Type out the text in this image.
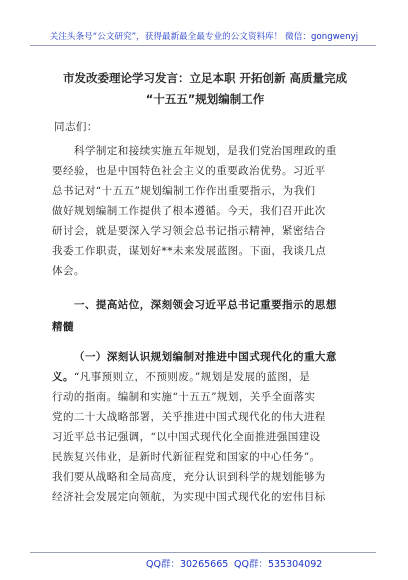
关注头条号“公文研究”，获得最新最全最专业的公文资料库！ 微信：gongwenyj
市发改委理论学习发言：立足本职 开拓创新 高质量完成
“十五五”规划编制工作
同志们：
科学制定和接续实施五年规划，是我们党治国理政的重
要经验，也是中国特色社会主义的重要政治优势。习近平
总书记对“十五五”规划编制工作作出重要指示，为我们
做好规划编制工作提供了根本遵循。今天，我们召开此次
研讨会，就是要深入学习领会总书记指示精神，紧密结合
我委工作职责，谋划好**未来发展蓝图。下面，我谈几点
体会。
一、提高站位，深刻领会习近平总书记重要指示的思想
精髓
（一）深刻认识规划编制对推进中国式现代化的重大意
义。“凡事预则立，不预则废。”规划是发展的蓝图，是
行动的指南。编制和实施“十五五”规划，关乎全面落实
党的二十大战略部署，关乎推进中国式现代化的伟大进程
习近平总书记强调，“以中国式现代化全面推进强国建设
民族复兴伟业，是新时代新征程党和国家的中心任务”。
我们要从战略和全局高度，充分认识到科学的规划能够为
经济社会发展定向领航，为实现中国式现代化的宏伟目标
QQ群：30265665 QQ群：535304092
